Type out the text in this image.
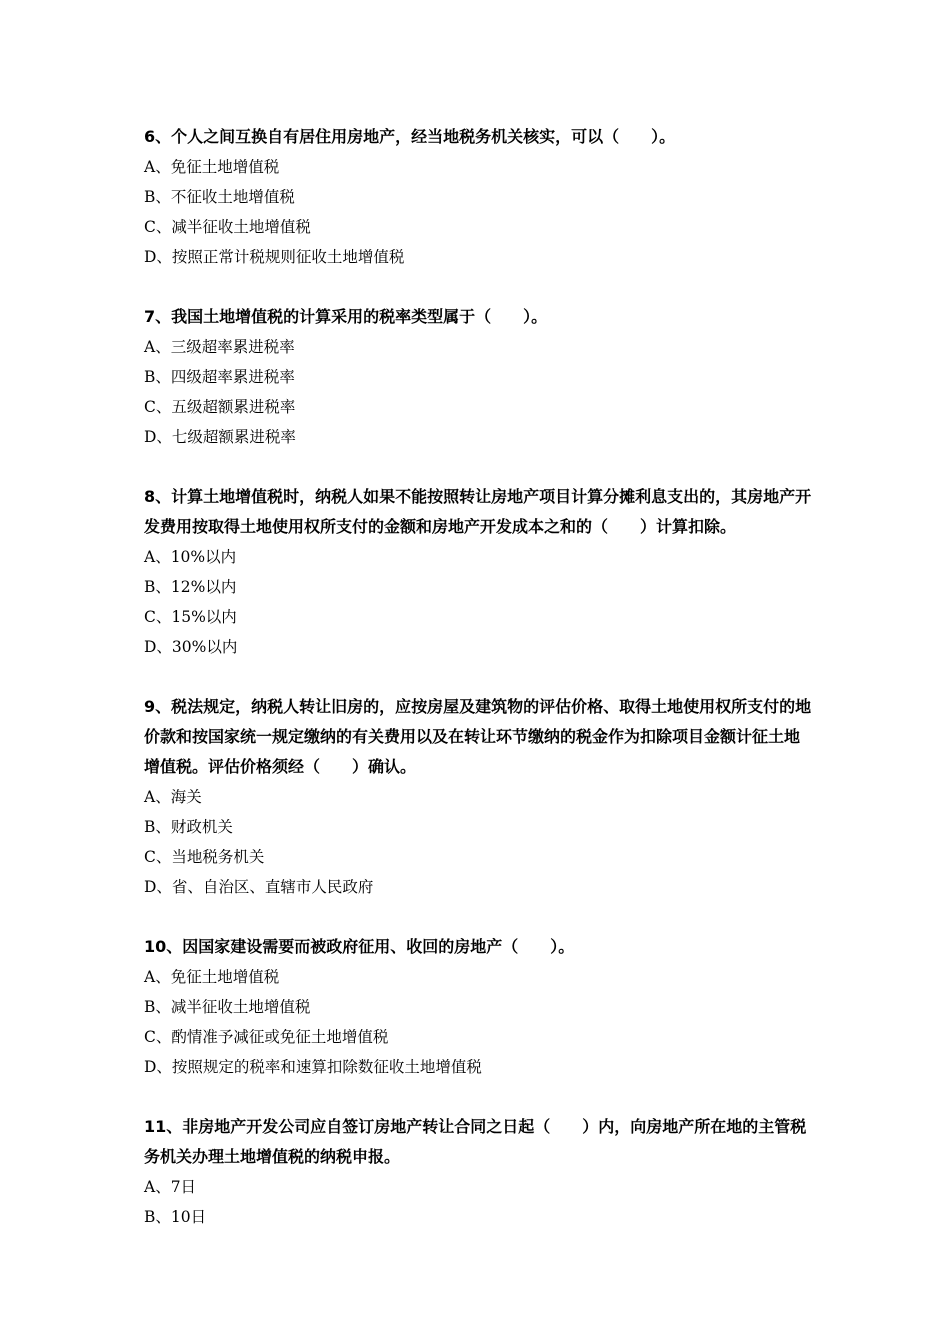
6、个人之间互换自有居住用房地产，经当地税务机关核实，可以（　　）。

A、免征土地增值税

B、不征收土地增值税

C、减半征收土地增值税

D、按照正常计税规则征收土地增值税

7、我国土地增值税的计算采用的税率类型属于（　　）。

A、三级超率累进税率

B、四级超率累进税率

C、五级超额累进税率

D、七级超额累进税率

8、计算土地增值税时，纳税人如果不能按照转让房地产项目计算分摊利息支出的，其房地产开发费用按取得土地使用权所支付的金额和房地产开发成本之和的（　　）计算扣除。

A、10%以内

B、12%以内

C、15%以内

D、30%以内

9、税法规定，纳税人转让旧房的，应按房屋及建筑物的评估价格、取得土地使用权所支付的地价款和按国家统一规定缴纳的有关费用以及在转让环节缴纳的税金作为扣除项目金额计征土地增值税。评估价格须经（　　）确认。

A、海关

B、财政机关

C、当地税务机关

D、省、自治区、直辖市人民政府

10、因国家建设需要而被政府征用、收回的房地产（　　）。

A、免征土地增值税

B、减半征收土地增值税

C、酌情准予减征或免征土地增值税

D、按照规定的税率和速算扣除数征收土地增值税

11、非房地产开发公司应自签订房地产转让合同之日起（　　）内，向房地产所在地的主管税务机关办理土地增值税的纳税申报。

A、7日

B、10日
